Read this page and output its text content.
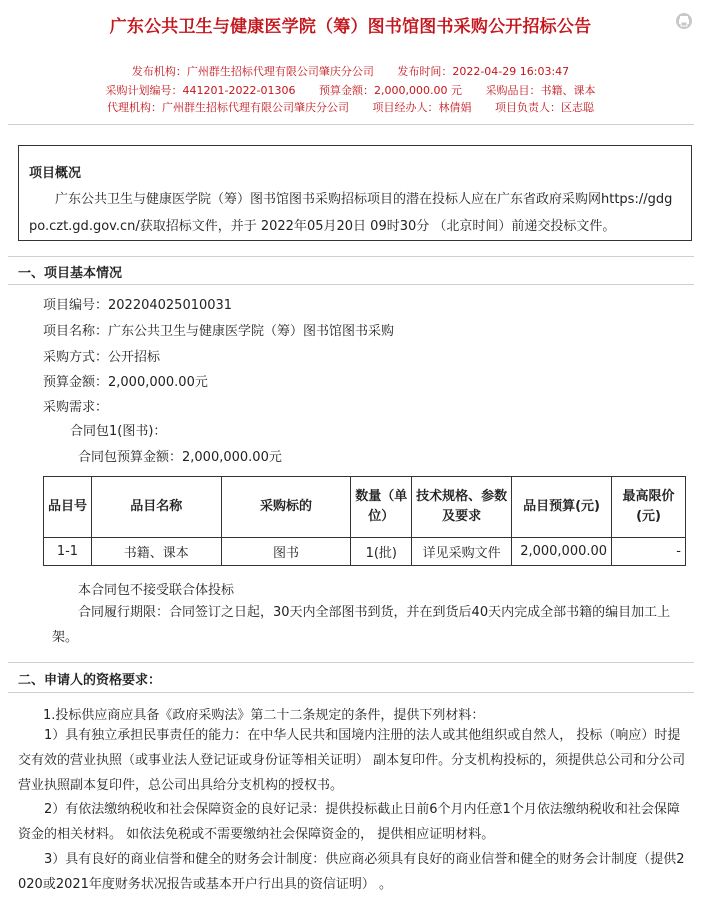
广东公共卫生与健康医学院（筹）图书馆图书采购公开招标公告
发布机构：广州群生招标代理有限公司肇庆分公司 发布时间：2022-04-29 16:03:47
采购计划编号：441201-2022-01306 预算金额：2,000,000.00 元 采购品目：书籍、课本
代理机构：广州群生招标代理有限公司肇庆分公司 项目经办人：林倩娟 项目负责人：区志聪
项目概况
广东公共卫生与健康医学院（筹）图书馆图书采购招标项目的潜在投标人应在广东省政府采购网https://gdgpo.czt.gd.gov.cn/获取招标文件，并于 2022年05月20日 09时30分 （北京时间）前递交投标文件。
一、项目基本情况
项目编号：202204025010031
项目名称：广东公共卫生与健康医学院（筹）图书馆图书采购
采购方式：公开招标
预算金额：2,000,000.00元
采购需求：
合同包1(图书)：
合同包预算金额：2,000,000.00元
品目号	品目名称	采购标的	数量（单位）	技术规格、参数及要求	品目预算(元)	最高限价(元)
1-1	书籍、课本	图书	1(批)	详见采购文件	2,000,000.00	-
本合同包不接受联合体投标
合同履行期限：合同签订之日起，30天内全部图书到货，并在到货后40天内完成全部书籍的编目加工上架。
二、申请人的资格要求：
1.投标供应商应具备《政府采购法》第二十二条规定的条件，提供下列材料：
1）具有独立承担民事责任的能力：在中华人民共和国境内注册的法人或其他组织或自然人， 投标（响应）时提交有效的营业执照（或事业法人登记证或身份证等相关证明） 副本复印件。分支机构投标的，须提供总公司和分公司营业执照副本复印件，总公司出具给分支机构的授权书。
2）有依法缴纳税收和社会保障资金的良好记录：提供投标截止日前6个月内任意1个月依法缴纳税收和社会保障资金的相关材料。 如依法免税或不需要缴纳社会保障资金的， 提供相应证明材料。
3）具有良好的商业信誉和健全的财务会计制度：供应商必须具有良好的商业信誉和健全的财务会计制度（提供2020或2021年度财务状况报告或基本开户行出具的资信证明） 。
